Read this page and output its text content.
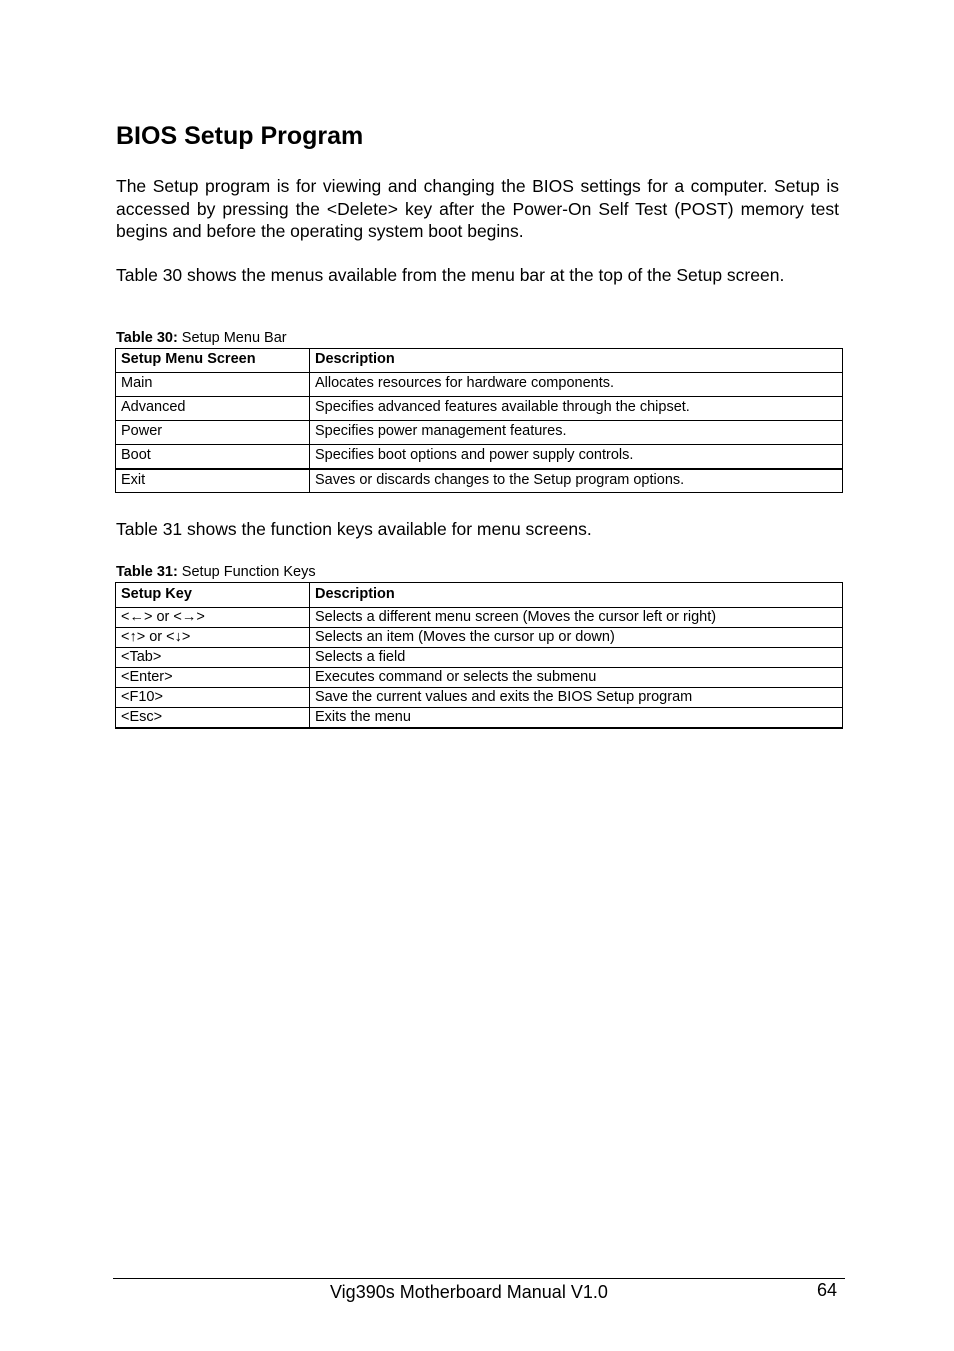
BIOS Setup Program

The Setup program is for viewing and changing the BIOS settings for a computer. Setup is accessed by pressing the <Delete> key after the Power-On Self Test (POST) memory test begins and before the operating system boot begins.

Table 30 shows the menus available from the menu bar at the top of the Setup screen.

Table 30: Setup Menu Bar

Setup Menu Screen	Description
Main	Allocates resources for hardware components.
Advanced	Specifies advanced features available through the chipset.
Power	Specifies power management features.
Boot	Specifies boot options and power supply controls.
Exit	Saves or discards changes to the Setup program options.

Table 31 shows the function keys available for menu screens.

Table 31: Setup Function Keys

Setup Key	Description
<←> or <→>	Selects a different menu screen (Moves the cursor left or right)
<↑> or <↓>	Selects an item (Moves the cursor up or down)
<Tab>	Selects a field
<Enter>	Executes command or selects the submenu
<F10>	Save the current values and exits the BIOS Setup program
<Esc>	Exits the menu

Vig390s Motherboard Manual V1.0	64
